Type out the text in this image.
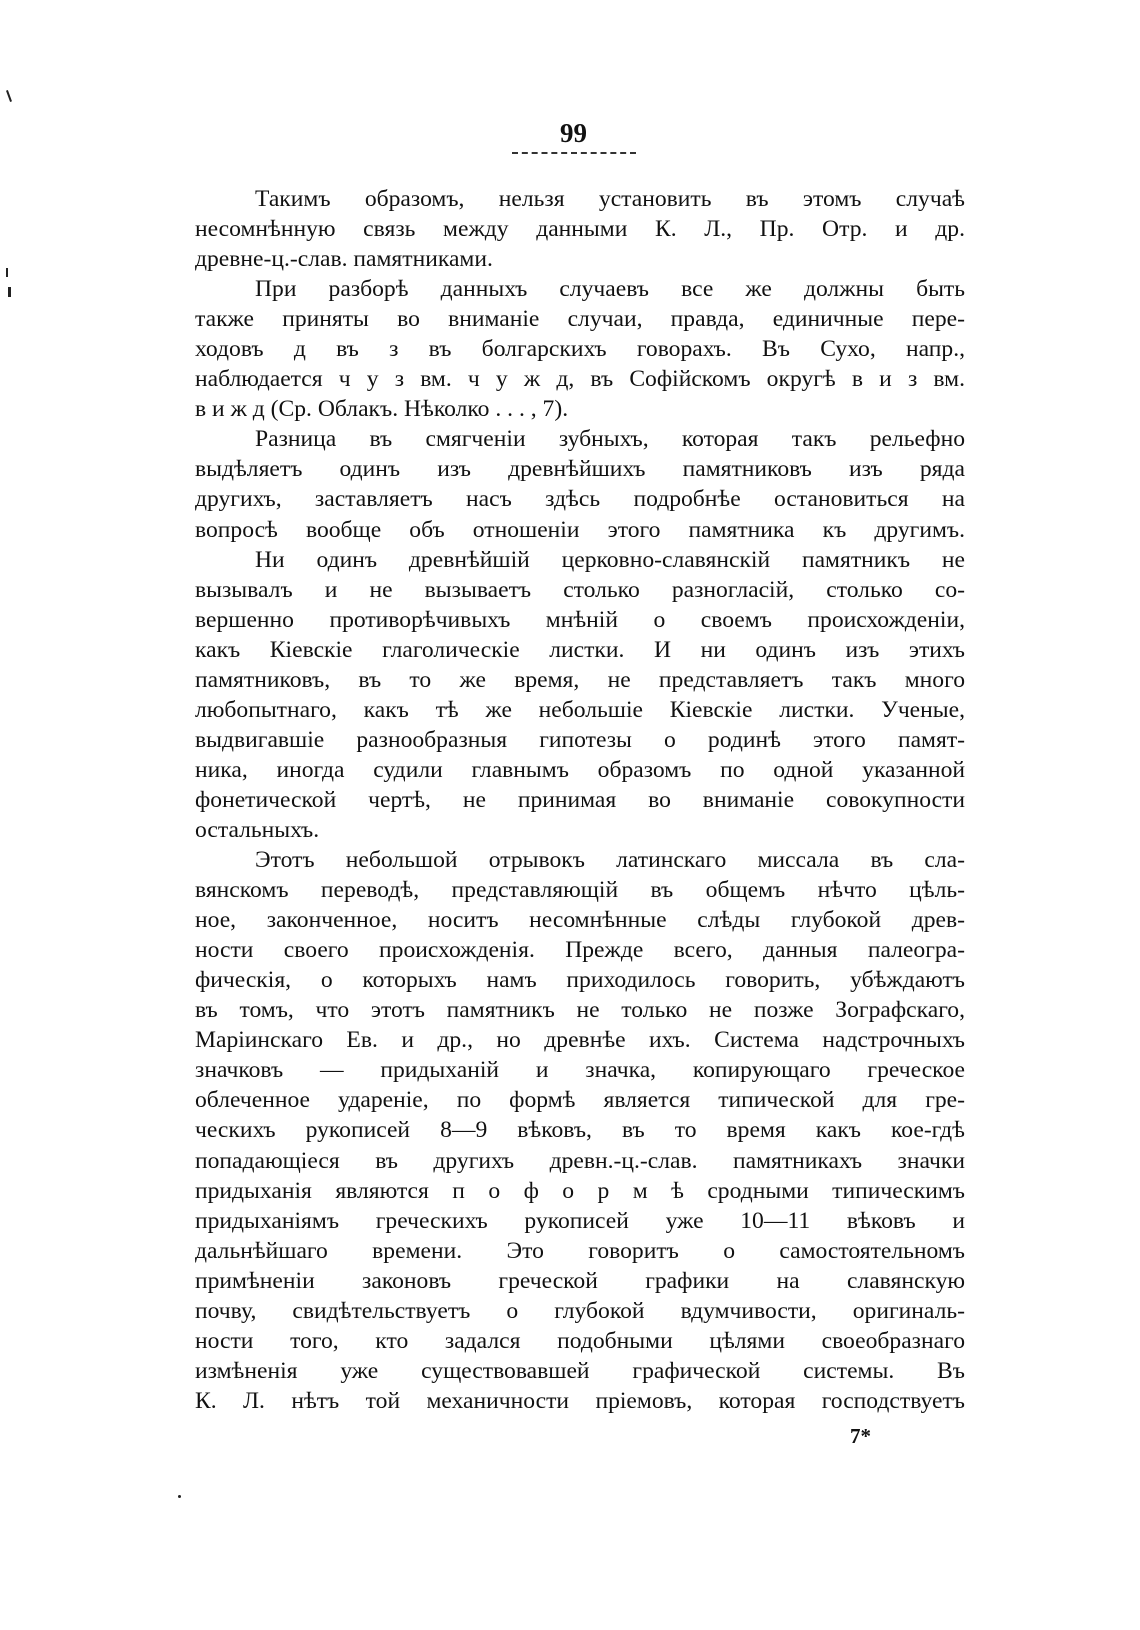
99
Такимъ образомъ, нельзя установить въ этомъ случаѣ
несомнѣнную связь между данными К. Л., Пр. Отр. и др.
древне-ц.-слав. памятниками.
При разборѣ данныхъ случаевъ все же должны быть
также приняты во вниманіе случаи, правда, единичные пере-
ходовъ д въ з въ болгарскихъ говорахъ. Въ Сухо, напр.,
наблюдается ч у з вм. ч у ж д, въ Софійскомъ округѣ в и з вм.
в и ж д (Ср. Облакъ. Нѣколко . . . , 7).
Разница въ смягченіи зубныхъ, которая такъ рельефно
выдѣляетъ одинъ изъ древнѣйшихъ памятниковъ изъ ряда
другихъ, заставляетъ насъ здѣсь подробнѣе остановиться на
вопросѣ вообще объ отношеніи этого памятника къ другимъ.
Ни одинъ древнѣйшій церковно-славянскій памятникъ не
вызывалъ и не вызываетъ столько разногласій, столько со-
вершенно противорѣчивыхъ мнѣній о своемъ происхожденіи,
какъ Кіевскіе глаголическіе листки. И ни одинъ изъ этихъ
памятниковъ, въ то же время, не представляетъ такъ много
любопытнаго, какъ тѣ же небольшіе Кіевскіе листки. Ученые,
выдвигавшіе разнообразныя гипотезы о родинѣ этого памят-
ника, иногда судили главнымъ образомъ по одной указанной
фонетической чертѣ, не принимая во вниманіе совокупности
остальныхъ.
Этотъ небольшой отрывокъ латинскаго миссала въ сла-
вянскомъ переводѣ, представляющій въ общемъ нѣчто цѣль-
ное, законченное, носитъ несомнѣнные слѣды глубокой древ-
ности своего происхожденія. Прежде всего, данныя палеогра-
фическія, о которыхъ намъ приходилось говорить, убѣждаютъ
въ томъ, что этотъ памятникъ не только не позже Зографскаго,
Маріинскаго Ев. и др., но древнѣе ихъ. Система надстрочныхъ
значковъ — придыханій и значка, копирующаго греческое
облеченное удареніе, по формѣ является типической для гре-
ческихъ рукописей 8—9 вѣковъ, въ то время какъ кое-гдѣ
попадающіеся въ другихъ древн.-ц.-слав. памятникахъ значки
придыханія являются п о ф о р м ѣ сродными типическимъ
придыханіямъ греческихъ рукописей уже 10—11 вѣковъ и
дальнѣйшаго времени. Это говоритъ о самостоятельномъ
примѣненіи законовъ греческой графики на славянскую
почву, свидѣтельствуетъ о глубокой вдумчивости, оригиналь-
ности того, кто задался подобными цѣлями своеобразнаго
измѣненія уже существовавшей графической системы. Въ
К. Л. нѣтъ той механичности пріемовъ, которая господствуетъ
7*
